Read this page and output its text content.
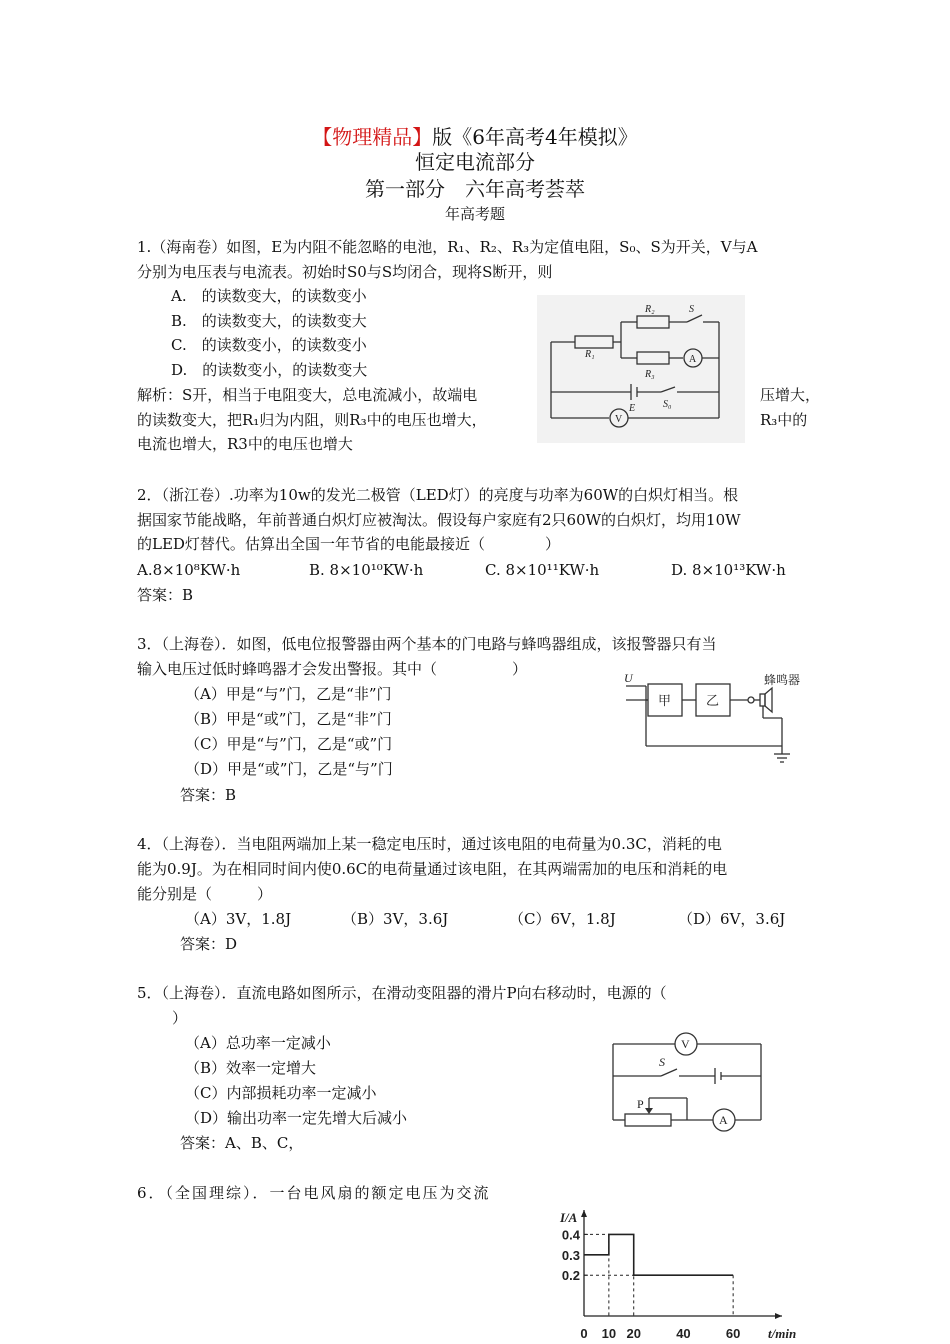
【物理精品】版《6年高考4年模拟》
恒定电流部分
第一部分　六年高考荟萃
年高考题
1.（海南卷）如图，E为内阻不能忽略的电池，R₁、R₂、R₃为定值电阻，S₀、S为开关，V与A
分别为电压表与电流表。初始时S0与S均闭合，现将S断开，则
A.　的读数变大，的读数变小
B.　的读数变大，的读数变大
C.　的读数变小，的读数变小
D.　的读数变小，的读数变大
解析：S开，相当于电阻变大，总电流减小，故端电	压增大，
的读数变大，把R₁归为内阻，则R₃中的电压也增大，	R₃中的
电流也增大，R3中的电压也增大
R₁
R₂
R₃
S
S₀
E
A
V
2．（浙江卷）.功率为10w的发光二极管（LED灯）的亮度与功率为60W的白炽灯相当。根
据国家节能战略，年前普通白炽灯应被淘汰。假设每户家庭有2只60W的白炽灯，均用10W
的LED灯替代。估算出全国一年节省的电能最接近（　　　　）
A.8×10⁸KW·h	B. 8×10¹⁰KW·h	C. 8×10¹¹KW·h	D. 8×10¹³KW·h
答案：B
3．（上海卷）．如图，低电位报警器由两个基本的门电路与蜂鸣器组成，该报警器只有当
输入电压过低时蜂鸣器才会发出警报。其中（　　　　　）
（A）甲是“与”门，乙是“非”门
（B）甲是“或”门，乙是“非”门
（C）甲是“与”门，乙是“或”门
（D）甲是“或”门，乙是“与”门
答案：B
U
甲	乙
蜂鸣器
4．（上海卷）．当电阻两端加上某一稳定电压时，通过该电阻的电荷量为0.3C，消耗的电
能为0.9J。为在相同时间内使0.6C的电荷量通过该电阻，在其两端需加的电压和消耗的电
能分别是（　　　）
（A）3V，1.8J	（B）3V，3.6J	（C）6V，1.8J	（D）6V，3.6J
答案：D
5．（上海卷）．直流电路如图所示，在滑动变阻器的滑片P向右移动时，电源的（
）
（A）总功率一定减小
（B）效率一定增大
（C）内部损耗功率一定减小
（D）输出功率一定先增大后减小
答案：A、B、C，
V
S
P
A
6．（全国理综）．一台电风扇的额定电压为交流
I/A
t/min
0.4
0.3
0.2
0 10 20	40	60
